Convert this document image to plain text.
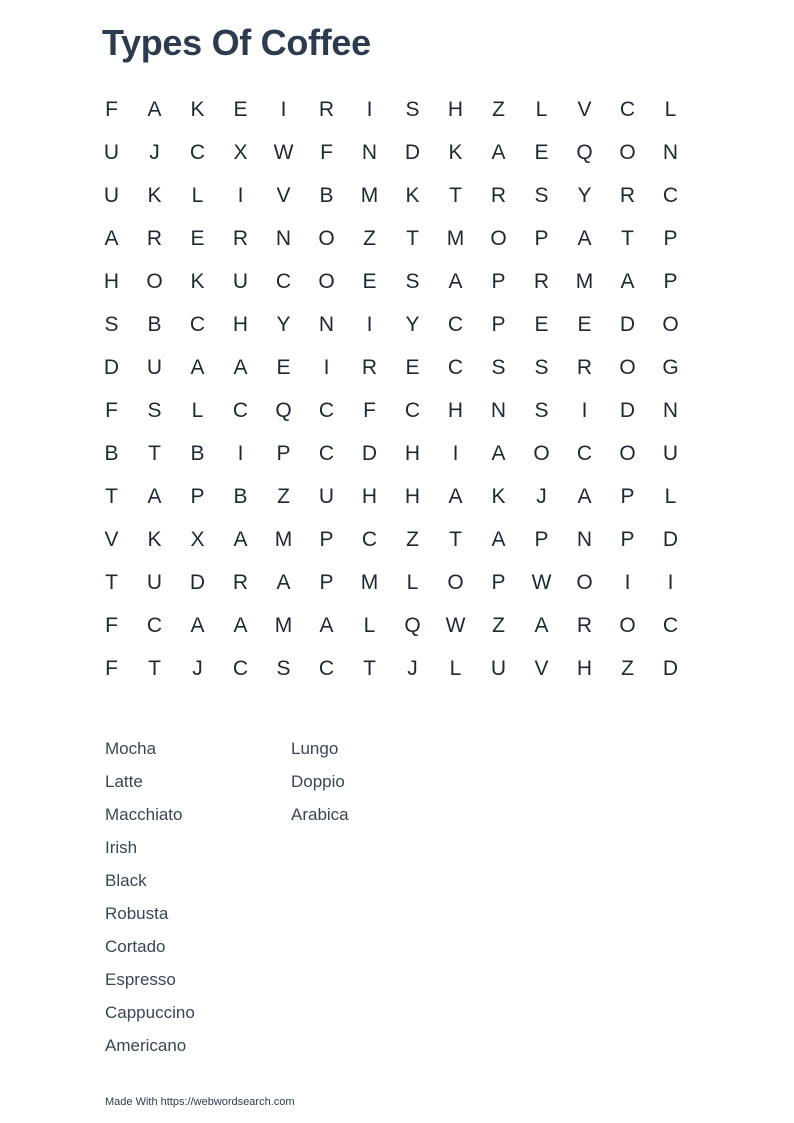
Types Of Coffee
F	A	K	E	I	R	I	S	H	Z	L	V	C	L
U	J	C	X	W	F	N	D	K	A	E	Q	O	N
U	K	L	I	V	B	M	K	T	R	S	Y	R	C
A	R	E	R	N	O	Z	T	M	O	P	A	T	P
H	O	K	U	C	O	E	S	A	P	R	M	A	P
S	B	C	H	Y	N	I	Y	C	P	E	E	D	O
D	U	A	A	E	I	R	E	C	S	S	R	O	G
F	S	L	C	Q	C	F	C	H	N	S	I	D	N
B	T	B	I	P	C	D	H	I	A	O	C	O	U
T	A	P	B	Z	U	H	H	A	K	J	A	P	L
V	K	X	A	M	P	C	Z	T	A	P	N	P	D
T	U	D	R	A	P	M	L	O	P	W	O	I	I
F	C	A	A	M	A	L	Q	W	Z	A	R	O	C
F	T	J	C	S	C	T	J	L	U	V	H	Z	D
Mocha
Latte
Macchiato
Irish
Black
Robusta
Cortado
Espresso
Cappuccino
Americano
Lungo
Doppio
Arabica
Made With https://webwordsearch.com
